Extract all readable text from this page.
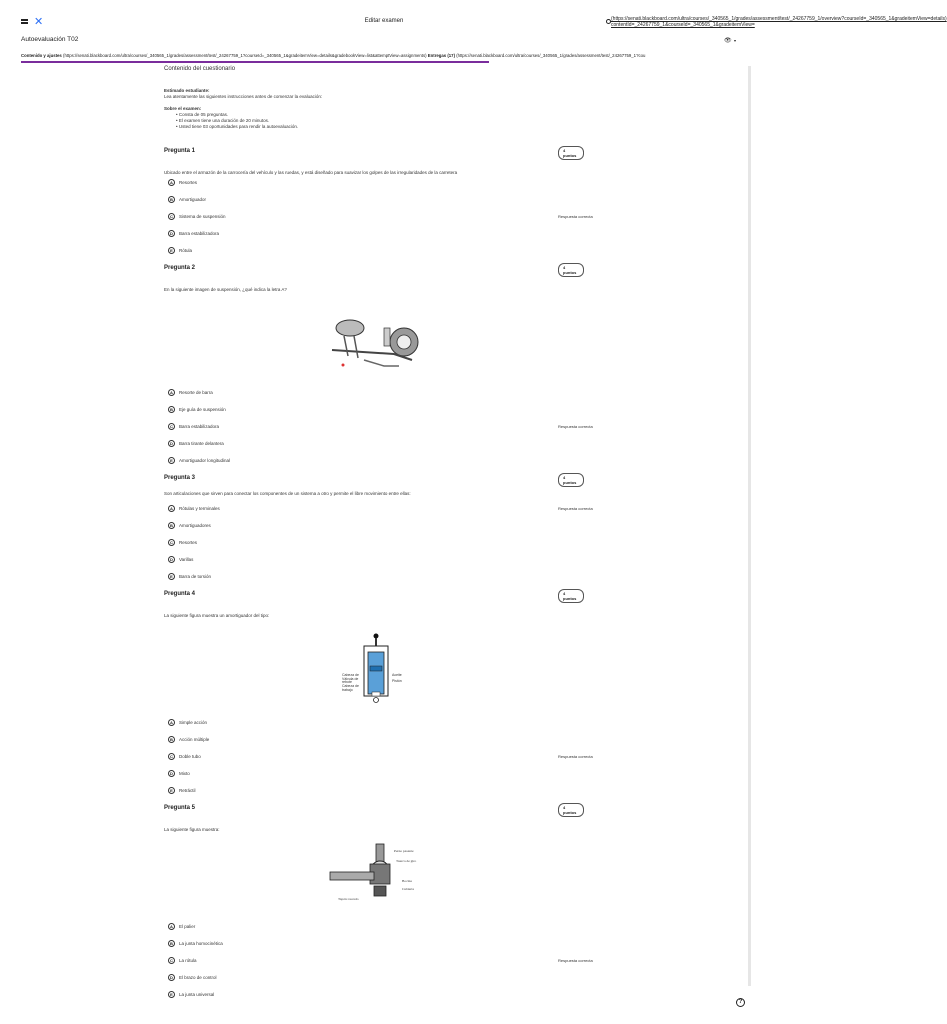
✕	Editar examen	(https://senati.blackboard.com/ultra/courses/_340565_1/grades/assessment/test/_24267759_1/overview?courseId=_340565_1&gradeitemView=details)
contentId=_24267759_1&courseId=_340565_1&gradeitemView=
Autoevaluación T02	👁 ▾
Contenido y ajustes (https://senati.blackboard.com/ultra/courses/_340565_1/grades/assessment/test/_24267759_1?courseId=_340565_1&gradeitemView=details&gradebookView=list&attemptView=assignments) Entregas (17) (https://senati.blackboard.com/ultra/courses/_340565_1/grades/assessment/test/_24267759_1?cou
Contenido del cuestionario
Estimado estudiante:
Lea atentamente las siguientes instrucciones antes de comenzar la evaluación:
Sobre el examen:
• Consta de 05 preguntas.
• El examen tiene una duración de 20 minutos.
• Usted tiene 03 oportunidades para rendir la autoevaluación.
Pregunta 1	4 puntos
Ubicado entre el armazón de la carrocería del vehículo y las ruedas, y está diseñado para suavizar los golpes de las irregularidades de la carretera
A	Resortes
B	Amortiguador
C	Sistema de suspensión	Respuesta correcta
D	Barra estabilizadora
E	Rótula
Pregunta 2	4 puntos
En la siguiente imagen de suspensión, ¿qué indica la letra A?
A	Resorte de barra
B	Eje guía de suspensión
C	Barra estabilizadora	Respuesta correcta
D	Barra tirante delantera
E	Amortiguador longitudinal
Pregunta 3	4 puntos
Son articulaciones que sirven para conectar los componentes de un sistema a otro y permite el libre movimiento entre ellas:
A	Rótulas y terminales	Respuesta correcta
B	Amortiguadores
C	Resortes
D	Varillas
E	Barra de torsión
Pregunta 4	4 puntos
La siguiente figura muestra un amortiguador del tipo:
A	Simple acción
B	Acción múltiple
C	Doble tubo	Respuesta correcta
D	Mixto
E	Retráctil
Pregunta 5	4 puntos
La siguiente figura muestra:
A	El palier
B	La junta homocinética
C	La rótula	Respuesta correcta
D	El brazo de control
E	La junta universal
?
Cabeza de
Válvula de
rebote
Cabeza de
trabajo
Aceite
Pistón
Perno pasante
Tuerca de giro
Bocina
Cubierta
Tapón roscado
